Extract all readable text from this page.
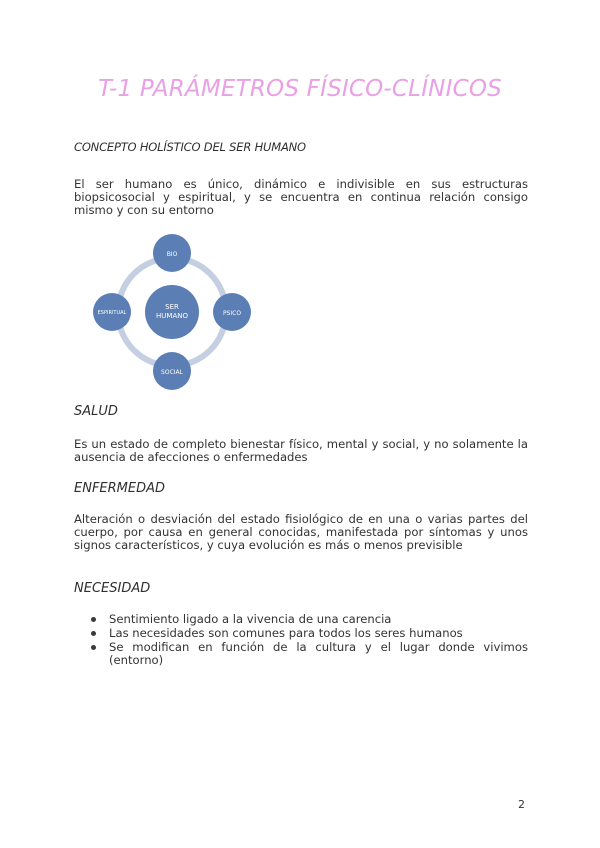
T-1 PARÁMETROS FÍSICO-CLÍNICOS
CONCEPTO HOLÍSTICO DEL SER HUMANO

El ser humano es único, dinámico e indivisible en sus estructuras biopsicosocial y espiritual, y se encuentra en continua relación consigo mismo y con su entorno

SER
HUMANO
BIO
PSICO
SOCIAL
ESPIRITUAL
SALUD

Es un estado de completo bienestar físico, mental y social, y no solamente la ausencia de afecciones o enfermedades

ENFERMEDAD

Alteración o desviación del estado fisiológico de en una o varias partes del cuerpo, por causa en general conocidas, manifestada por síntomas y unos signos característicos, y cuya evolución es más o menos previsible

NECESIDAD
Sentimiento ligado a la vivencia de una carencia
Las necesidades son comunes para todos los seres humanos
Se modifican en función de la cultura y el lugar donde vivimos (entorno)
2
